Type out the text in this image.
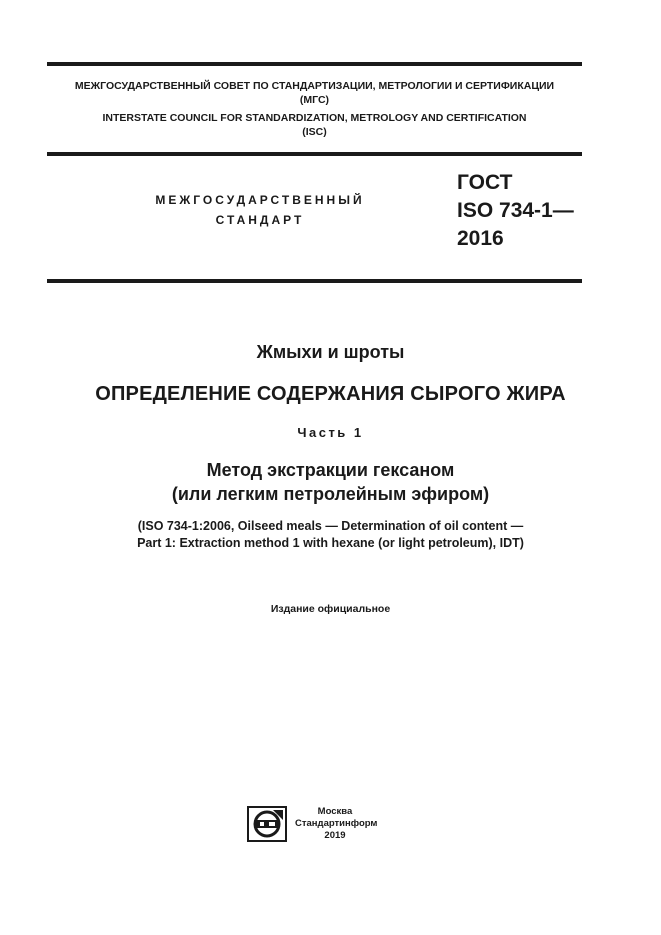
МЕЖГОСУДАРСТВЕННЫЙ СОВЕТ ПО СТАНДАРТИЗАЦИИ, МЕТРОЛОГИИ И СЕРТИФИКАЦИИ
(МГС)
INTERSTATE COUNCIL FOR STANDARDIZATION, METROLOGY AND CERTIFICATION
(ISC)
МЕЖГОСУДАРСТВЕННЫЙ
СТАНДАРТ
ГОСТ
ISO 734-1—
2016
Жмыхи и шроты
ОПРЕДЕЛЕНИЕ СОДЕРЖАНИЯ СЫРОГО ЖИРА
Часть 1
Метод экстракции гексаном
(или легким петролейным эфиром)
(ISO 734-1:2006, Oilseed meals — Determination of oil content —
Part 1: Extraction method 1 with hexane (or light petroleum), IDT)
Издание официальное
Москва
Стандартинформ
2019
